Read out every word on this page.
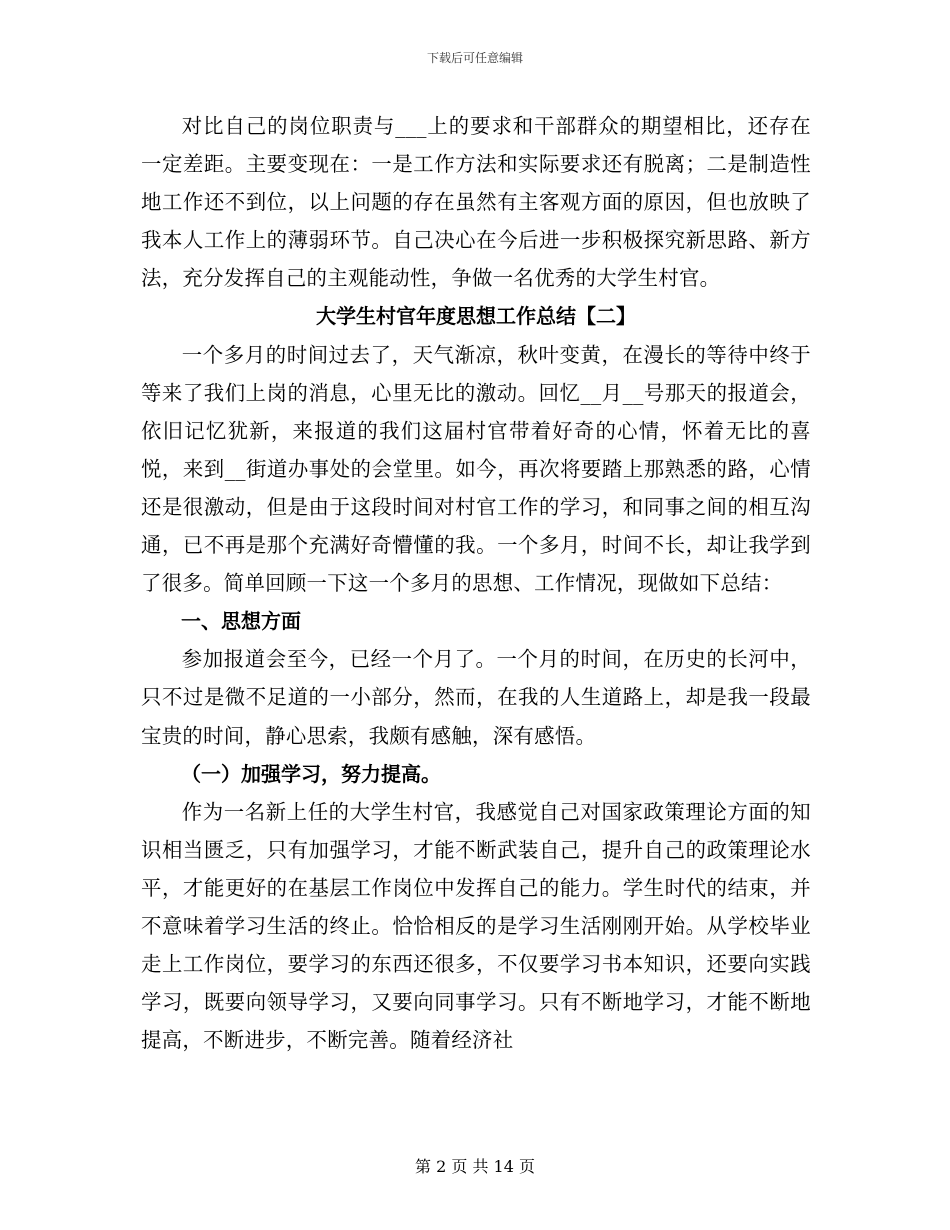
下载后可任意编辑

对比自己的岗位职责与___上的要求和干部群众的期望相比，还存在一定差距。主要变现在：一是工作方法和实际要求还有脱离；二是制造性地工作还不到位，以上问题的存在虽然有主客观方面的原因，但也放映了我本人工作上的薄弱环节。自己决心在今后进一步积极探究新思路、新方法，充分发挥自己的主观能动性，争做一名优秀的大学生村官。

大学生村官年度思想工作总结【二】

一个多月的时间过去了，天气渐凉，秋叶变黄，在漫长的等待中终于等来了我们上岗的消息，心里无比的激动。回忆__月__号那天的报道会，依旧记忆犹新，来报道的我们这届村官带着好奇的心情，怀着无比的喜悦，来到__街道办事处的会堂里。如今，再次将要踏上那熟悉的路，心情还是很激动，但是由于这段时间对村官工作的学习，和同事之间的相互沟通，已不再是那个充满好奇懵懂的我。一个多月，时间不长，却让我学到了很多。简单回顾一下这一个多月的思想、工作情况，现做如下总结：

一、思想方面

参加报道会至今，已经一个月了。一个月的时间，在历史的长河中，只不过是微不足道的一小部分，然而，在我的人生道路上，却是我一段最宝贵的时间，静心思索，我颇有感触，深有感悟。

（一）加强学习，努力提高。

作为一名新上任的大学生村官，我感觉自己对国家政策理论方面的知识相当匮乏，只有加强学习，才能不断武装自己，提升自己的政策理论水平，才能更好的在基层工作岗位中发挥自己的能力。学生时代的结束，并不意味着学习生活的终止。恰恰相反的是学习生活刚刚开始。从学校毕业走上工作岗位，要学习的东西还很多，不仅要学习书本知识，还要向实践学习，既要向领导学习，又要向同事学习。只有不断地学习，才能不断地提高，不断进步，不断完善。随着经济社

第 2 页 共 14 页
